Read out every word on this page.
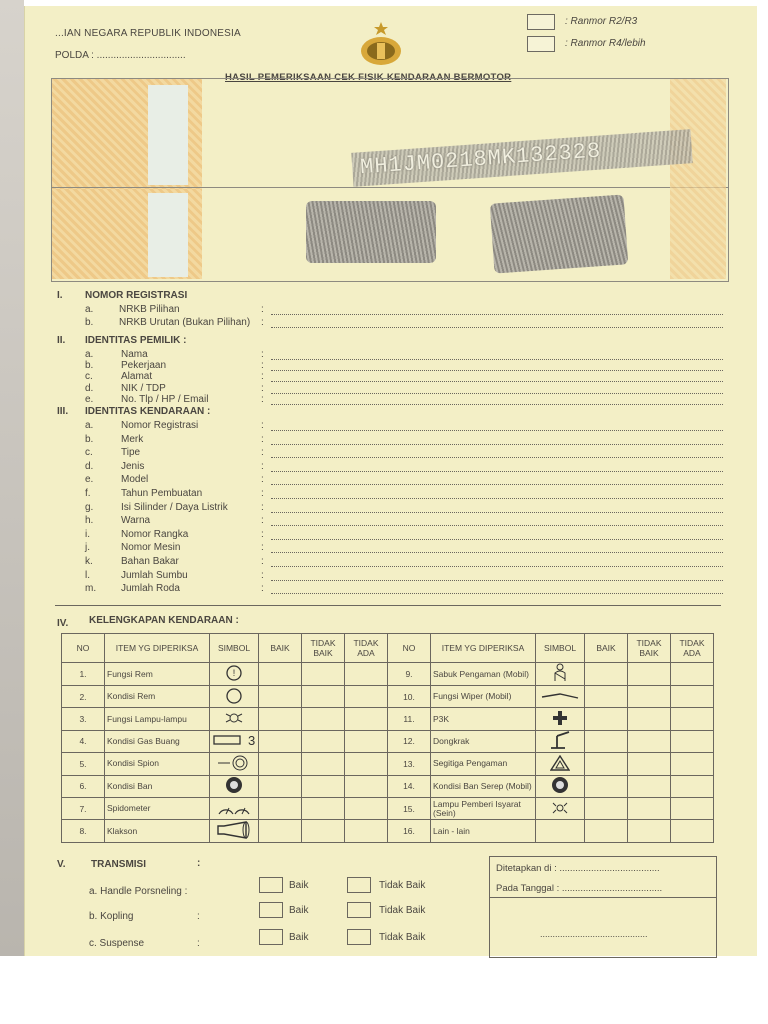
...IAN NEGARA REPUBLIK INDONESIA
POLDA : ................................
: Ranmor R2/R3
: Ranmor R4/lebih
HASIL PEMERIKSAAN CEK FISIK KENDARAAN BERMOTOR
MH1JM0218MK132328
I. NOMOR REGISTRASI
II. IDENTITAS PEMILIK :
III. IDENTITAS KENDARAAN :
IV. KELENGKAPAN KENDARAAN :
NO	ITEM YG DIPERIKSA	SIMBOL	BAIK	TIDAK BAIK	TIDAK ADA	NO	ITEM YG DIPERIKSA	SIMBOL	BAIK	TIDAK BAIK	TIDAK ADA
1.	Fungsi Rem	!				9.	Sabuk Pengaman (Mobil)				
2.	Kondisi Rem					10.	Fungsi Wiper (Mobil)				
3.	Fungsi Lampu-lampu					11.	P3K				
4.	Kondisi Gas Buang	3				12.	Dongkrak				
5.	Kondisi Spion					13.	Segitiga Pengaman				
6.	Kondisi Ban					14.	Kondisi Ban Serep (Mobil)				
7.	Spidometer					15.	Lampu Pemberi Isyarat (Sein)				
8.	Klakson					16.	Lain - lain				
V.	TRANSMISI	:	Ditetapkan di : ......................................
Pada Tanggal : ......................................
...........................................
a.	NRKB Pilihan	:
b.	NRKB Urutan (Bukan Pilihan) :
a.	Nama	:
b.	Pekerjaan	:
c.	Alamat	:
d.	NIK / TDP	:
e.	No. Tlp / HP / Email	:
a.	Nomor Registrasi	:
b.	Merk	:
c.	Tipe	:
d.	Jenis	:
e.	Model	:
f.	Tahun Pembuatan	:
g.	Isi Silinder / Daya Listrik	:
h.	Warna	:
i.	Nomor Rangka	:
j.	Nomor Mesin	:
k.	Bahan Bakar	:
l.	Jumlah Sumbu	:
m. Jumlah Roda	:
a. Handle Porsneling :
Baik	Tidak Baik
b. Kopling	:
Baik	Tidak Baik
c. Suspense	:
Baik	Tidak Baik
